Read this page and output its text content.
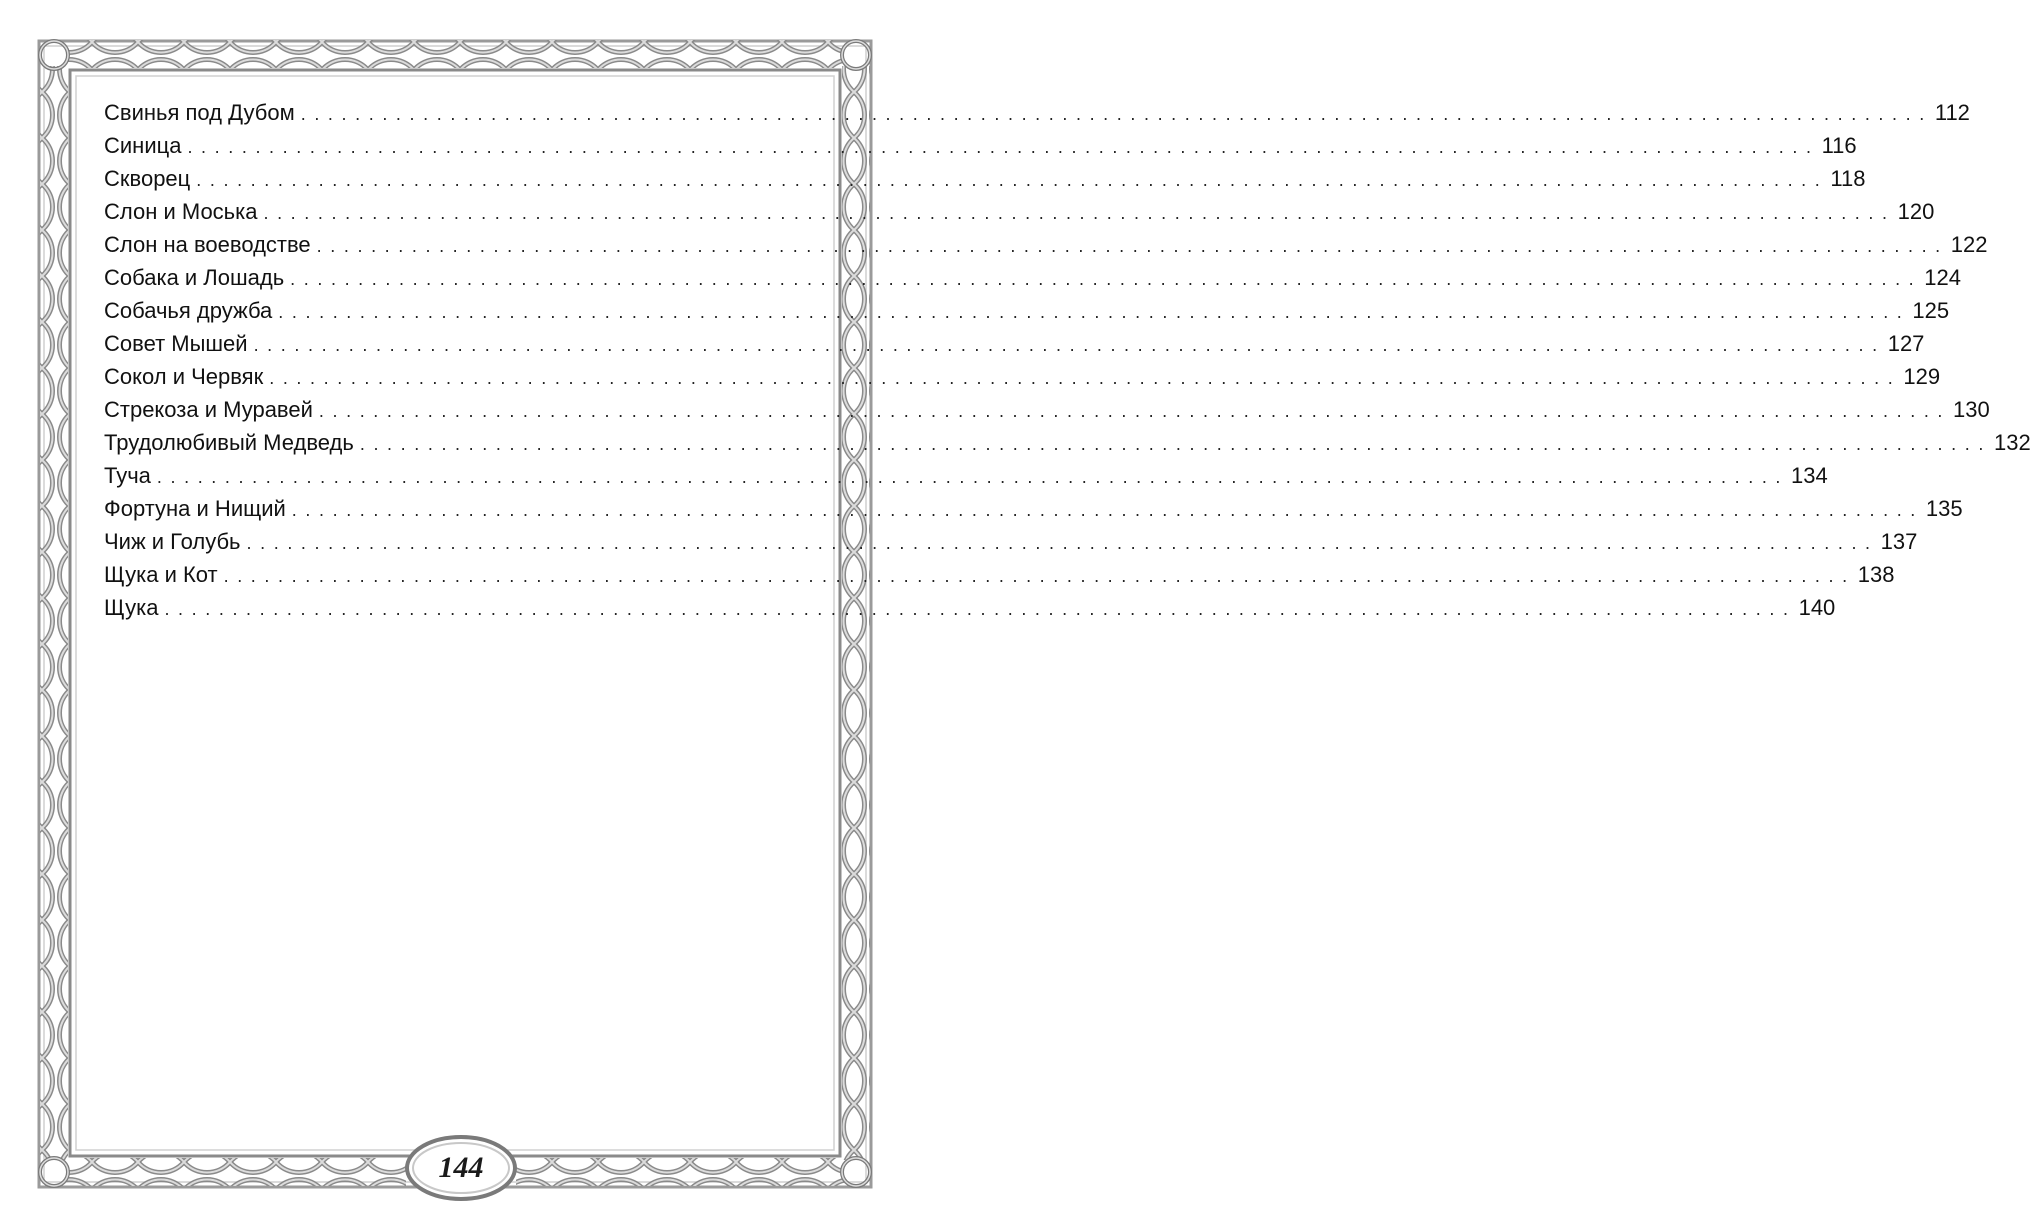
Свинья под Дубом ........................................................................................................................ 112
Синица ........................................................................................................................ 116
Скворец ........................................................................................................................ 118
Слон и Моська ........................................................................................................................ 120
Слон на воеводстве ........................................................................................................................ 122
Собака и Лошадь ........................................................................................................................ 124
Собачья дружба ........................................................................................................................ 125
Совет Мышей ........................................................................................................................ 127
Сокол и Червяк ........................................................................................................................ 129
Стрекоза и Муравей ........................................................................................................................ 130
Трудолюбивый Медведь ........................................................................................................................ 132
Туча ........................................................................................................................ 134
Фортуна и Нищий ........................................................................................................................ 135
Чиж и Голубь ........................................................................................................................ 137
Щука и Кот ........................................................................................................................ 138
Щука ........................................................................................................................ 140
144
